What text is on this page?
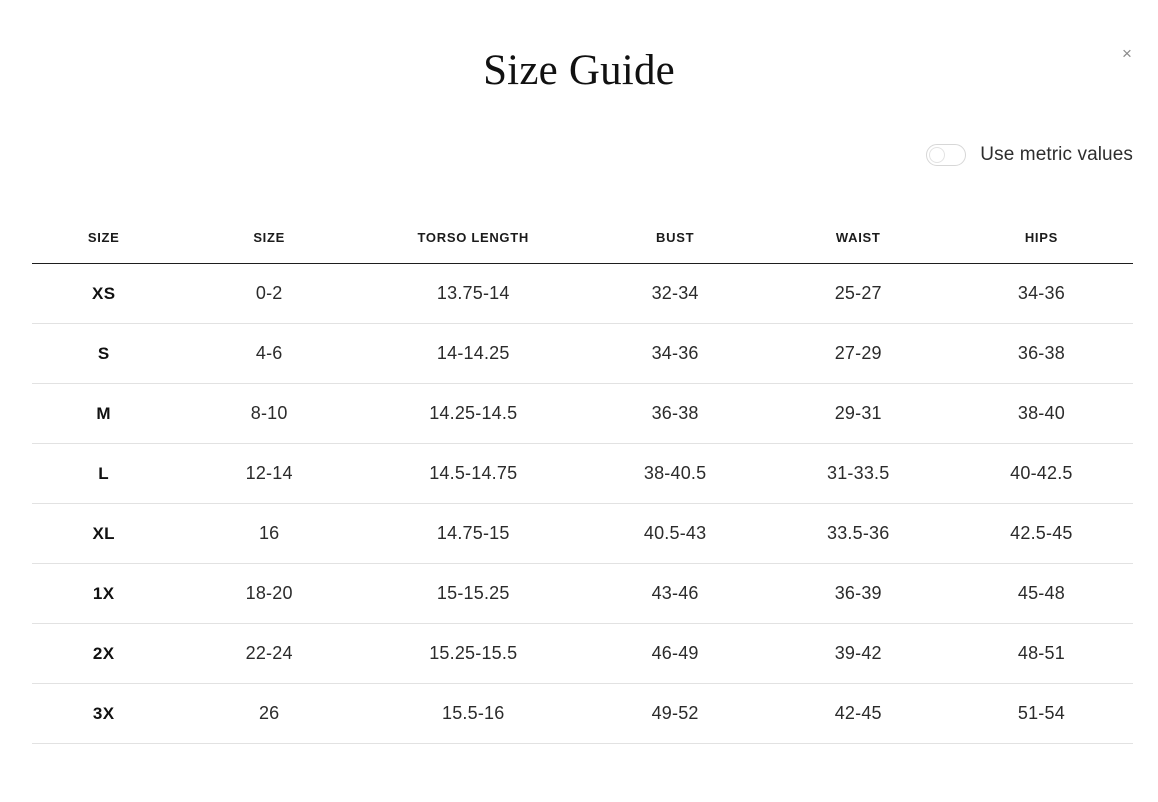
×
Size Guide
Use metric values
SIZE	SIZE	TORSO LENGTH	BUST	WAIST	HIPS
XS	0‑2	13.75‑14	32-34	25-27	34-36
S	4-6	14-14.25	34-36	27‑29	36-38
M	8-10	14.25-14.5	36-38	29-31	38-40
L	12-14	14.5-14.75	38-40.5	31-33.5	40-42.5
XL	16	14.75-15	40.5-43	33.5-36	42.5-45
1X	18-20	15‑15.25	43-46	36-39	45-48
2X	22‑24	15.25-15.5	46-49	39-42	48-51
3X	26	15.5‑16	49-52	42-45	51‑54
